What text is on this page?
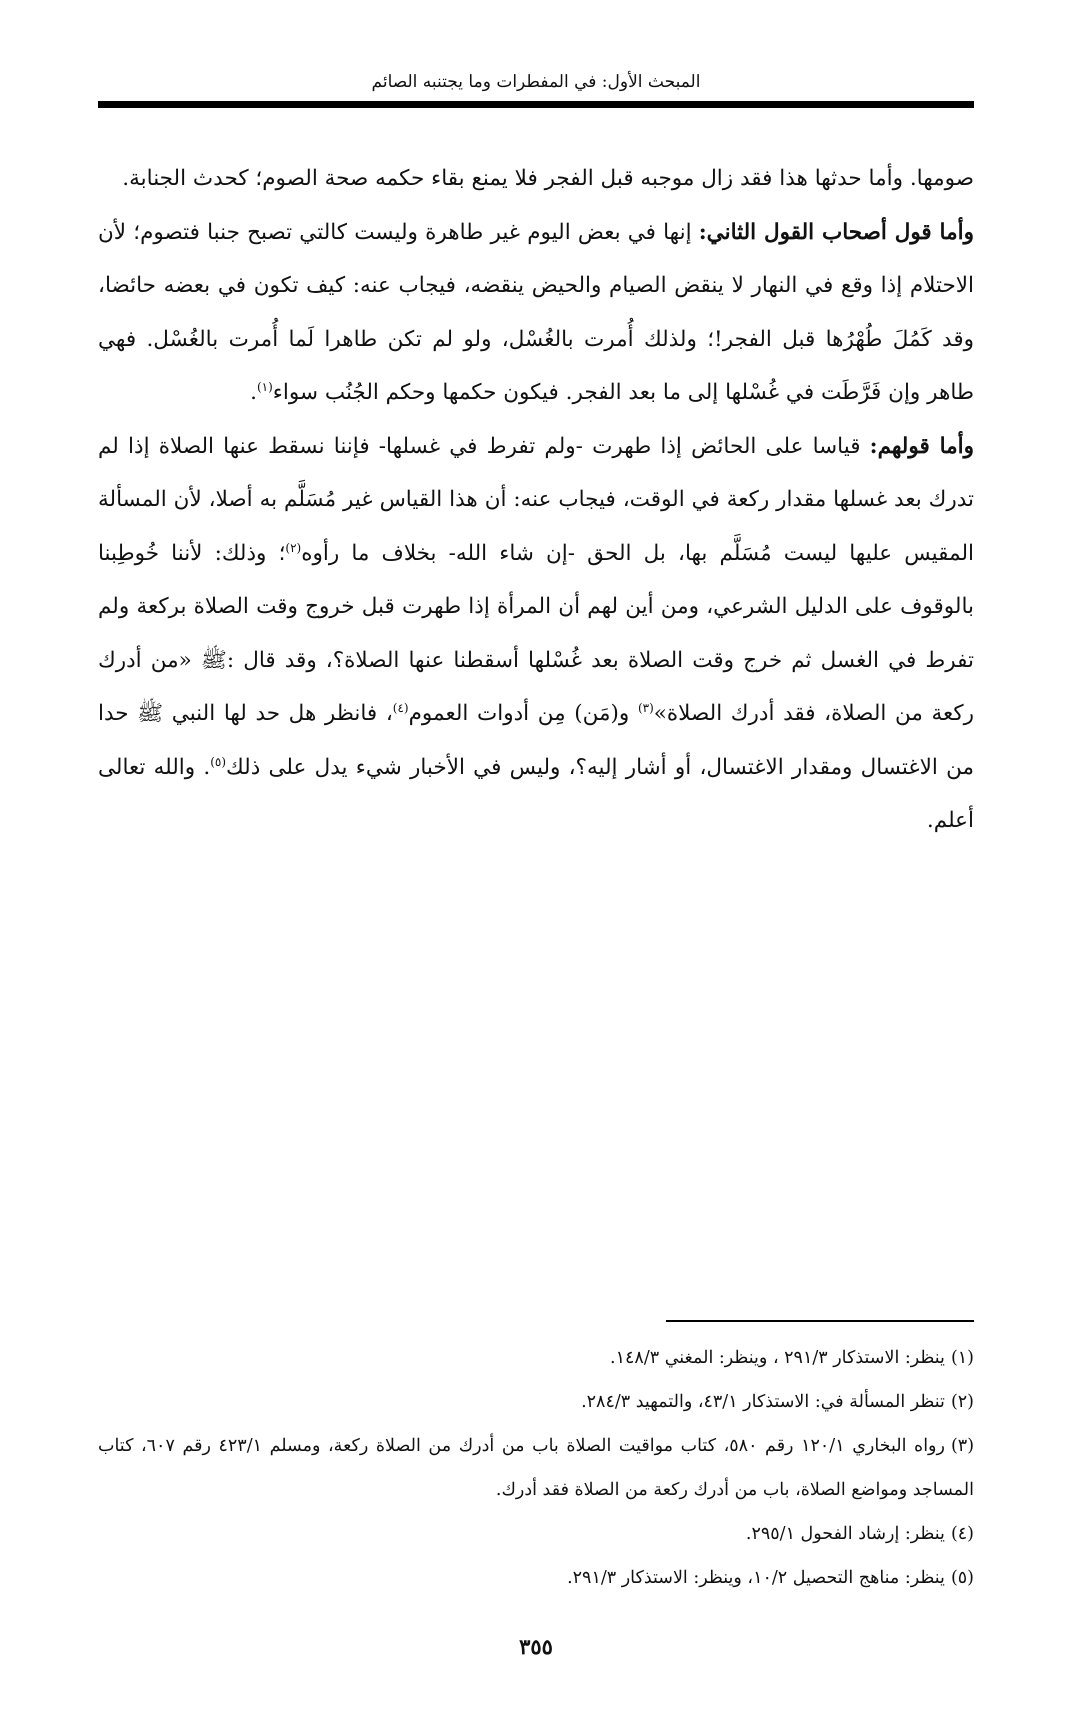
المبحث الأول: في المفطرات وما يجتنبه الصائم

صومها. وأما حدثها هذا فقد زال موجبه قبل الفجر فلا يمنع بقاء حكمه صحة الصوم؛ كحدث الجنابة.

وأما قول أصحاب القول الثاني: إنها في بعض اليوم غير طاهرة وليست كالتي تصبح جنبا فتصوم؛ لأن الاحتلام إذا وقع في النهار لا ينقض الصيام والحيض ينقضه، فيجاب عنه: كيف تكون في بعضه حائضا، وقد كَمُلَ طُهْرُها قبل الفجر!؛ ولذلك أُمرت بالغُسْل، ولو لم تكن طاهرا لَما أُمرت بالغُسْل. فهي طاهر وإن فَرَّطَت في غُسْلها إلى ما بعد الفجر. فيكون حكمها وحكم الجُنُب سواء$^{(١)}$.

وأما قولهم: قياسا على الحائض إذا طهرت -ولم تفرط في غسلها- فإننا نسقط عنها الصلاة إذا لم تدرك بعد غسلها مقدار ركعة في الوقت، فيجاب عنه: أن هذا القياس غير مُسَلَّم به أصلا، لأن المسألة المقيس عليها ليست مُسَلَّم بها، بل الحق -إن شاء الله- بخلاف ما رأوه$^{(٢)}$؛ وذلك: لأننا خُوطِبنا بالوقوف على الدليل الشرعي، ومن أين لهم أن المرأة إذا طهرت قبل خروج وقت الصلاة بركعة ولم تفرط في الغسل ثم خرج وقت الصلاة بعد غُسْلها أسقطنا عنها الصلاة؟، وقد قال :ﷺ «من أدرك ركعة من الصلاة، فقد أدرك الصلاة»$^{(٣)}$ و(مَن) مِن أدوات العموم$^{(٤)}$، فانظر هل حد لها النبي ﷺ حدا من الاغتسال ومقدار الاغتسال، أو أشار إليه؟، وليس في الأخبار شيء يدل على ذلك$^{(٥)}$. والله تعالى أعلم.

(١)ينظر: الاستذكار ٢٩١/٣ ، وينظر: المغني ١٤٨/٣.

(٢)تنظر المسألة في: الاستذكار ٤٣/١، والتمهيد ٢٨٤/٣.

(٣)رواه البخاري ١٢٠/١ رقم ٥٨٠، كتاب مواقيت الصلاة باب من أدرك من الصلاة ركعة، ومسلم ٤٢٣/١ رقم ٦٠٧، كتاب المساجد ومواضع الصلاة، باب من أدرك ركعة من الصلاة فقد أدرك.

(٤)ينظر: إرشاد الفحول ٢٩٥/١.

(٥)ينظر: مناهج التحصيل ١٠/٢، وينظر: الاستذكار ٢٩١/٣.

٣٥٥
